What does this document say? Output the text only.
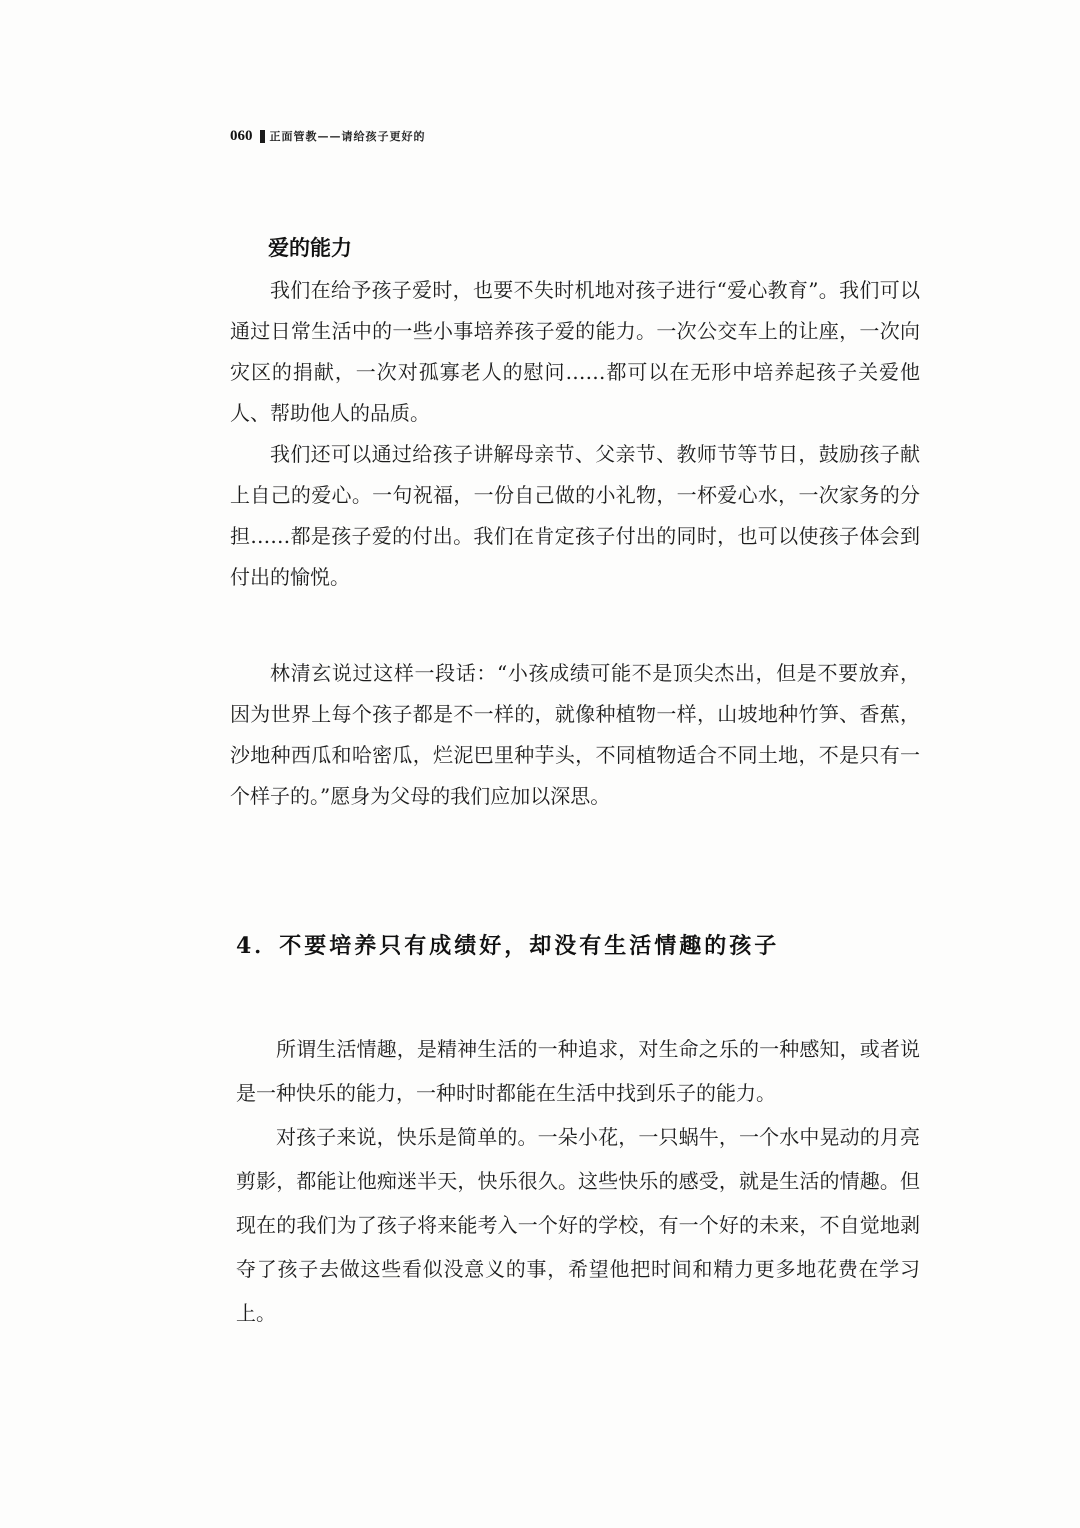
060 正面管教——请给孩子更好的
爱的能力

我们在给予孩子爱时，也要不失时机地对孩子进行“爱心教育”。我们可以通过日常生活中的一些小事培养孩子爱的能力。一次公交车上的让座，一次向灾区的捐献，一次对孤寡老人的慰问……都可以在无形中培养起孩子关爱他人、帮助他人的品质。

我们还可以通过给孩子讲解母亲节、父亲节、教师节等节日，鼓励孩子献上自己的爱心。一句祝福，一份自己做的小礼物，一杯爱心水，一次家务的分担……都是孩子爱的付出。我们在肯定孩子付出的同时，也可以使孩子体会到付出的愉悦。

林清玄说过这样一段话：“小孩成绩可能不是顶尖杰出，但是不要放弃，因为世界上每个孩子都是不一样的，就像种植物一样，山坡地种竹笋、香蕉，沙地种西瓜和哈密瓜，烂泥巴里种芋头，不同植物适合不同土地，不是只有一个样子的。”愿身为父母的我们应加以深思。

4．不要培养只有成绩好，却没有生活情趣的孩子

所谓生活情趣，是精神生活的一种追求，对生命之乐的一种感知，或者说是一种快乐的能力，一种时时都能在生活中找到乐子的能力。

对孩子来说，快乐是简单的。一朵小花，一只蜗牛，一个水中晃动的月亮剪影，都能让他痴迷半天，快乐很久。这些快乐的感受，就是生活的情趣。但现在的我们为了孩子将来能考入一个好的学校，有一个好的未来，不自觉地剥夺了孩子去做这些看似没意义的事，希望他把时间和精力更多地花费在学习上。
